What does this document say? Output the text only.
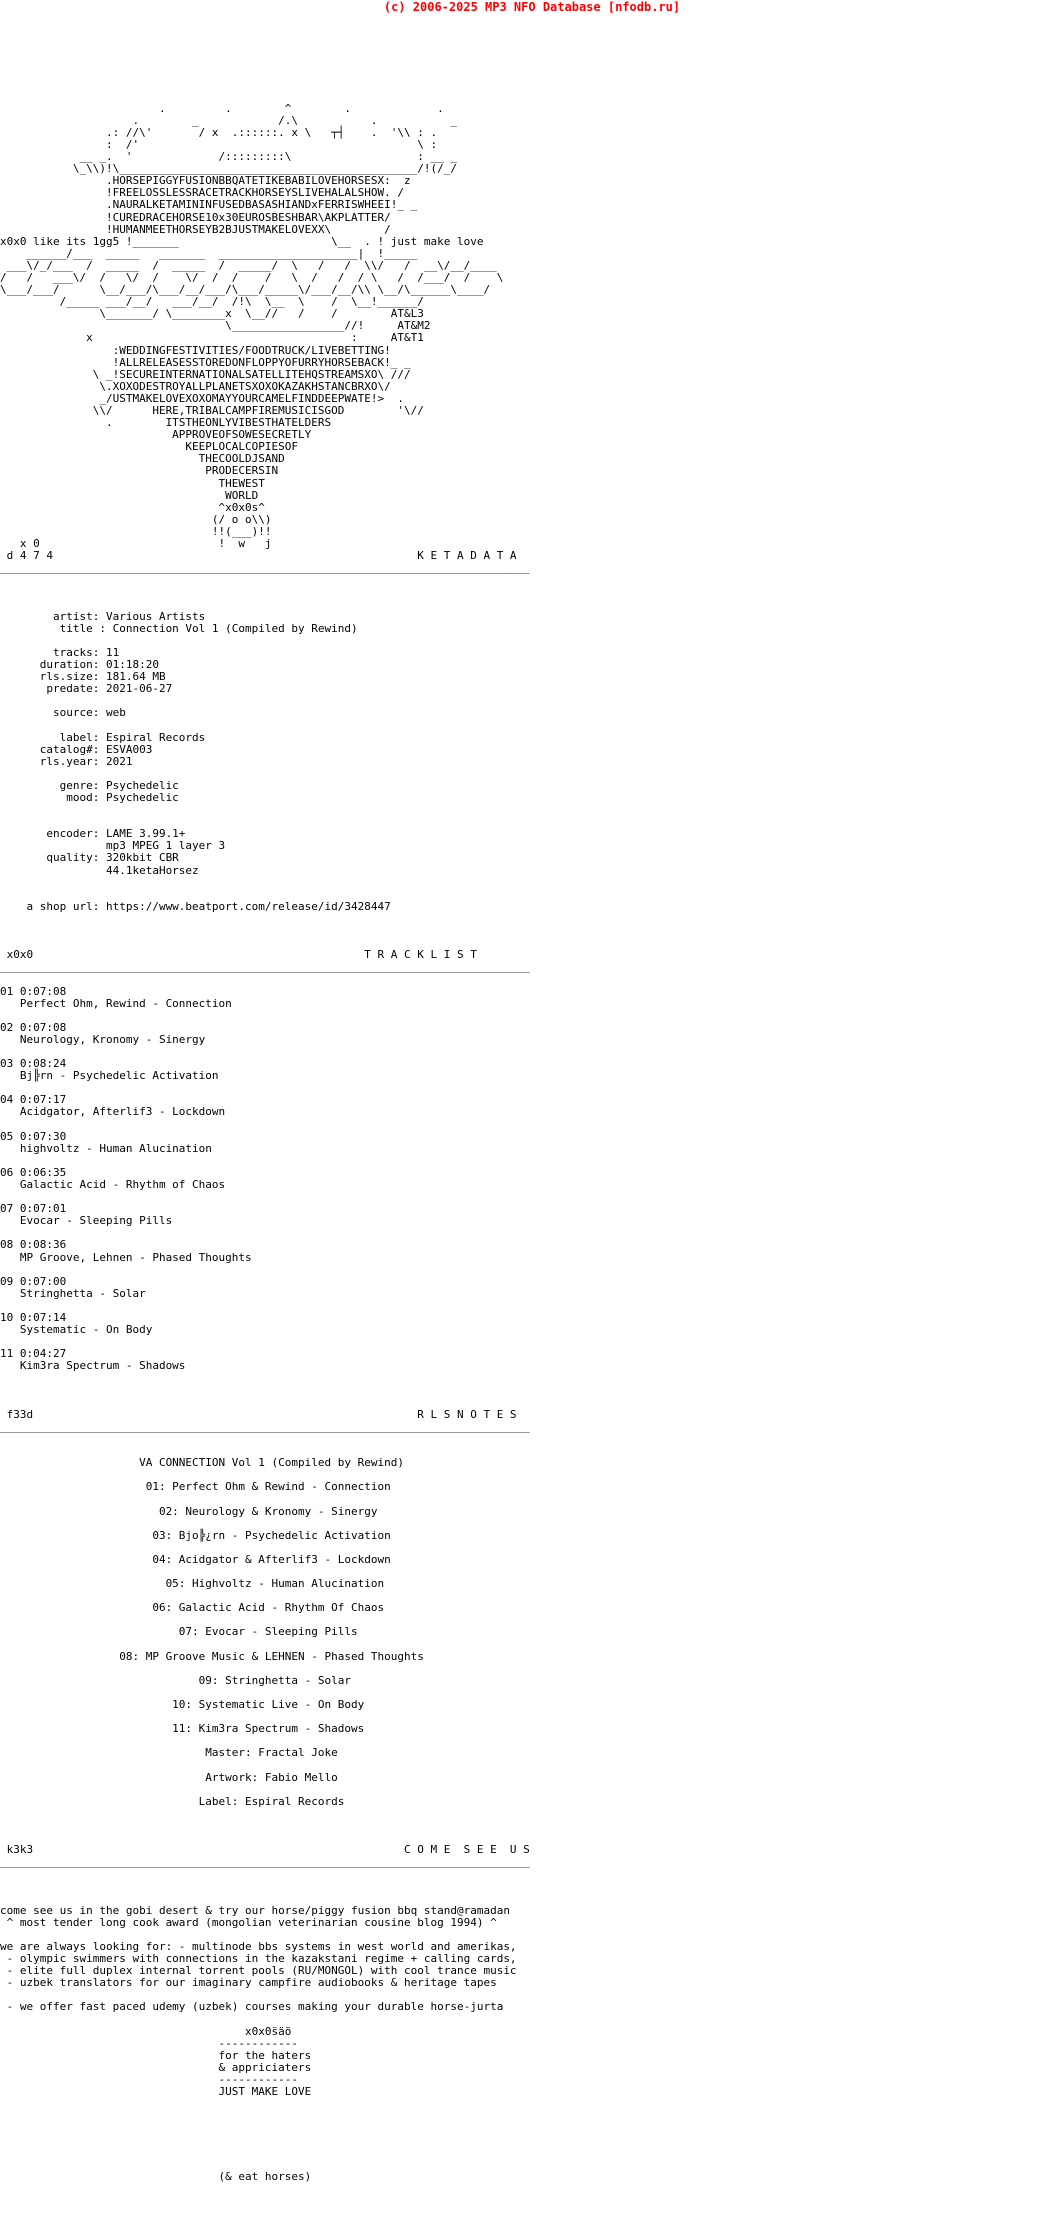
(c) 2006-2025 MP3 NFO Database [nfodb.ru]

.         .        ^        .             .
.        _            /.\           .           _
.: //\'       / x  .::::::. x \   ┬┤    .  '\\ : .
:  /'                                          \ :
__ _.  '             /:::::::::\                   : __ _
\_\\)!\_____________________________________________/!(/_/
.HORSEPIGGYFUSIONBBQATETIKEBABILOVEHORSESX:  z
!FREELOSSLESSRACETRACKHORSEYSLIVEHALALSHOW. /
.NAURALKETAMININFUSEDBASASHIANDxFERRISWHEEI!_ _
!CUREDRACEHORSE10x30EUROSBESHBAR\AKPLATTER/
!HUMANMEETHORSEYB2BJUSTMAKELOVEXX\        /
x0x0 like its 1gg5 !_______                       \__  . ! just make love
______/___  _____   _______  _____________________|  !_____
___\/_/___  /  _____  /  _____  /  _____/  \   /   /  \\/   /  __\/__/____
/   /   ___\/  /   \/  /    \/  /  /    /   \  /   /  / \   /  /___/  /    \
\___/___/      \__/___/\___/__/___/\___/_____\/___/__/\\ \__/\______\____/
/_____ ___/__/   ___/__/  /!\  \__  \    /  \__!______/
\_______/ \________x  \__//   /    /        AT&L3
\_________________//!     AT&M2
x                                       :     AT&T1
:WEDDINGFESTIVITIES/FOODTRUCK/LIVEBETTING!
!ALLRELEASESSTOREDONFLOPPYOFURRYHORSEBACK!_ _
\ _!SECUREINTERNATIONALSATELLITEHQSTREAMSXO\ ///
\.XOXODESTROYALLPLANETSXOXOKAZAKHSTANCBRXO\/
_/USTMAKELOVEXOXOMAYYOURCAMELFINDDEEPWATE!>  .
\\/      HERE,TRIBALCAMPFIREMUSICISGOD        '\//
.        ITSTHEONLYVIBESTHATELDERS
APPROVEOFSOWESECRETLY
KEEPLOCALCOPIESOF
THECOOLDJSAND
PRODECERSIN
THEWEST
WORLD
^x0x0s^
(/ o o\\)
!!(___)!!
x 0                           !  w   j
d 4 7 4                                                       K E T A D A T A
________________________________________________________________________________

artist: Various Artists
title : Connection Vol 1 (Compiled by Rewind)

tracks: 11
duration: 01:18:20
rls.size: 181.64 MB
predate: 2021-06-27

source: web

label: Espiral Records
catalog#: ESVA003
rls.year: 2021

genre: Psychedelic
mood: Psychedelic

encoder: LAME 3.99.1+
mp3 MPEG 1 layer 3
quality: 320kbit CBR
44.1ketaHorsez

a shop url: https://www.beatport.com/release/id/3428447

x0x0                                                  T R A C K L I S T
________________________________________________________________________________

01 0:07:08
Perfect Ohm, Rewind - Connection

02 0:07:08
Neurology, Kronomy - Sinergy

03 0:08:24
Bj╠rn - Psychedelic Activation

04 0:07:17
Acidgator, Afterlif3 - Lockdown

05 0:07:30
highvoltz - Human Alucination

06 0:06:35
Galactic Acid - Rhythm of Chaos

07 0:07:01
Evocar - Sleeping Pills

08 0:08:36
MP Groove, Lehnen - Phased Thoughts

09 0:07:00
Stringhetta - Solar

10 0:07:14
Systematic - On Body

11 0:04:27
Kim3ra Spectrum - Shadows

f33d                                                          R L S N O T E S
________________________________________________________________________________

VA CONNECTION Vol 1 (Compiled by Rewind)

01: Perfect Ohm & Rewind - Connection

02: Neurology & Kronomy - Sinergy

03: Bjo╠¿rn - Psychedelic Activation

04: Acidgator & Afterlif3 - Lockdown

05: Highvoltz - Human Alucination

06: Galactic Acid - Rhythm Of Chaos

07: Evocar - Sleeping Pills

08: MP Groove Music & LEHNEN - Phased Thoughts

09: Stringhetta - Solar

10: Systematic Live - On Body

11: Kim3ra Spectrum - Shadows

Master: Fractal Joke

Artwork: Fabio Mello

Label: Espiral Records

k3k3                                                        C O M E  S E E  U S
________________________________________________________________________________

come see us in the gobi desert & try our horse/piggy fusion bbq stand@ramadan
^ most tender long cook award (mongolian veterinarian cousine blog 1994) ^

we are always looking for: - multinode bbs systems in west world and amerikas,
- olympic swimmers with connections in the kazakstani regime + calling cards,
- elite full duplex internal torrent pools (RU/MONGOL) with cool trance music
- uzbek translators for our imaginary campfire audiobooks & heritage tapes

- we offer fast paced udemy (uzbek) courses making your durable horse-jurta

x0x0s̈äö
------------
for the haters
& appriciaters
------------
JUST MAKE LOVE

(& eat horses)
